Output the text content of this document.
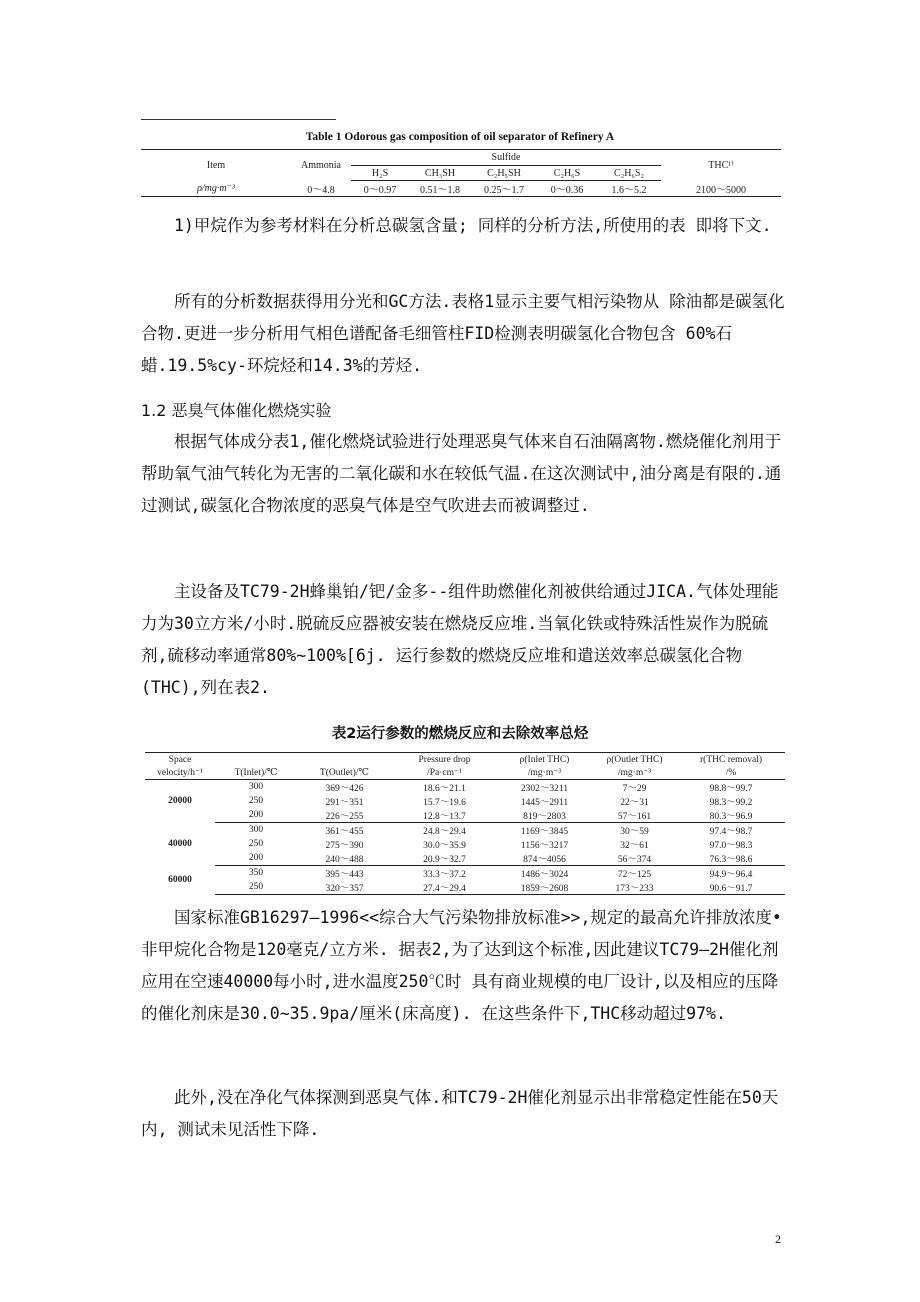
Table 1 Odorous gas composition of oil separator of Refinery A
Item	Ammonia	Sulfide					THC¹⁾
		H₂S	CH₃SH	C₂H₅SH	C₂H₆S	C₂H₆S₂	
ρ/mg·m⁻³	0～4.8	0～0.97	0.51～1.8	0.25～1.7	0～0.36	1.6～5.2	2100～5000

1)甲烷作为参考材料在分析总碳氢含量; 同样的分析方法,所使用的表 即将下文.

所有的分析数据获得用分光和GC方法.表格1显示主要气相污染物从 除油都是碳氢化合物.更进一步分析用气相色谱配备毛细管柱FID检测表明碳氢化合物包含 60%石蜡.19.5%cy-环烷烃和14.3%的芳烃.

1.2 恶臭气体催化燃烧实验

根据气体成分表1,催化燃烧试验进行处理恶臭气体来自石油隔离物.燃烧催化剂用于帮助氧气油气转化为无害的二氧化碳和水在较低气温.在这次测试中,油分离是有限的.通过测试,碳氢化合物浓度的恶臭气体是空气吹进去而被调整过.

主设备及TC79-2H蜂巢铂/钯/金多--组件助燃催化剂被供给通过JICA.气体处理能力为30立方米/小时.脱硫反应器被安装在燃烧反应堆.当氧化铁或特殊活性炭作为脱硫剂,硫移动率通常80%~100%[6j. 运行参数的燃烧反应堆和遣送效率总碳氢化合物(THC),列在表2.

表2运行参数的燃烧反应和去除效率总烃
Space			Pressure drop	ρ(Inlet THC)	ρ(Outlet THC)	r(THC removal)
velocity/h⁻¹	T(Inlet)/℃	T(Outlet)/℃	/Pa·cm⁻¹	/mg·m⁻³	/mg·m⁻³	/%
20000	300	369～426	18.6～21.1	2302～3211	7～29	98.8～99.7
	250	291～351	15.7～19.6	1445～2911	22～31	98.3～99.2
	200	226～255	12.8～13.7	819～2803	57～161	80.3～96.9
40000	300	361～455	24.8～29.4	1169～3845	30～59	97.4～98.7
	250	275～390	30.0～35.9	1156～3217	32～61	97.0～98.3
	200	240～488	20.9～32.7	874～4056	56～374	76.3～98.6
60000	350	395～443	33.3～37.2	1486～3024	72～125	94.9～96.4
	250	320～357	27.4～29.4	1859～2608	173～233	90.6～91.7

国家标准GB16297—1996<<综合大气污染物排放标准>>,规定的最高允许排放浓度•非甲烷化合物是120毫克/立方米. 据表2,为了达到这个标准,因此建议TC79—2H催化剂应用在空速40000每小时,进水温度250℃时 具有商业规模的电厂设计,以及相应的压降的催化剂床是30.0~35.9pa/厘米(床高度). 在这些条件下,THC移动超过97%.

此外,没在净化气体探测到恶臭气体.和TC79-2H催化剂显示出非常稳定性能在50天内, 测试未见活性下降.

2
